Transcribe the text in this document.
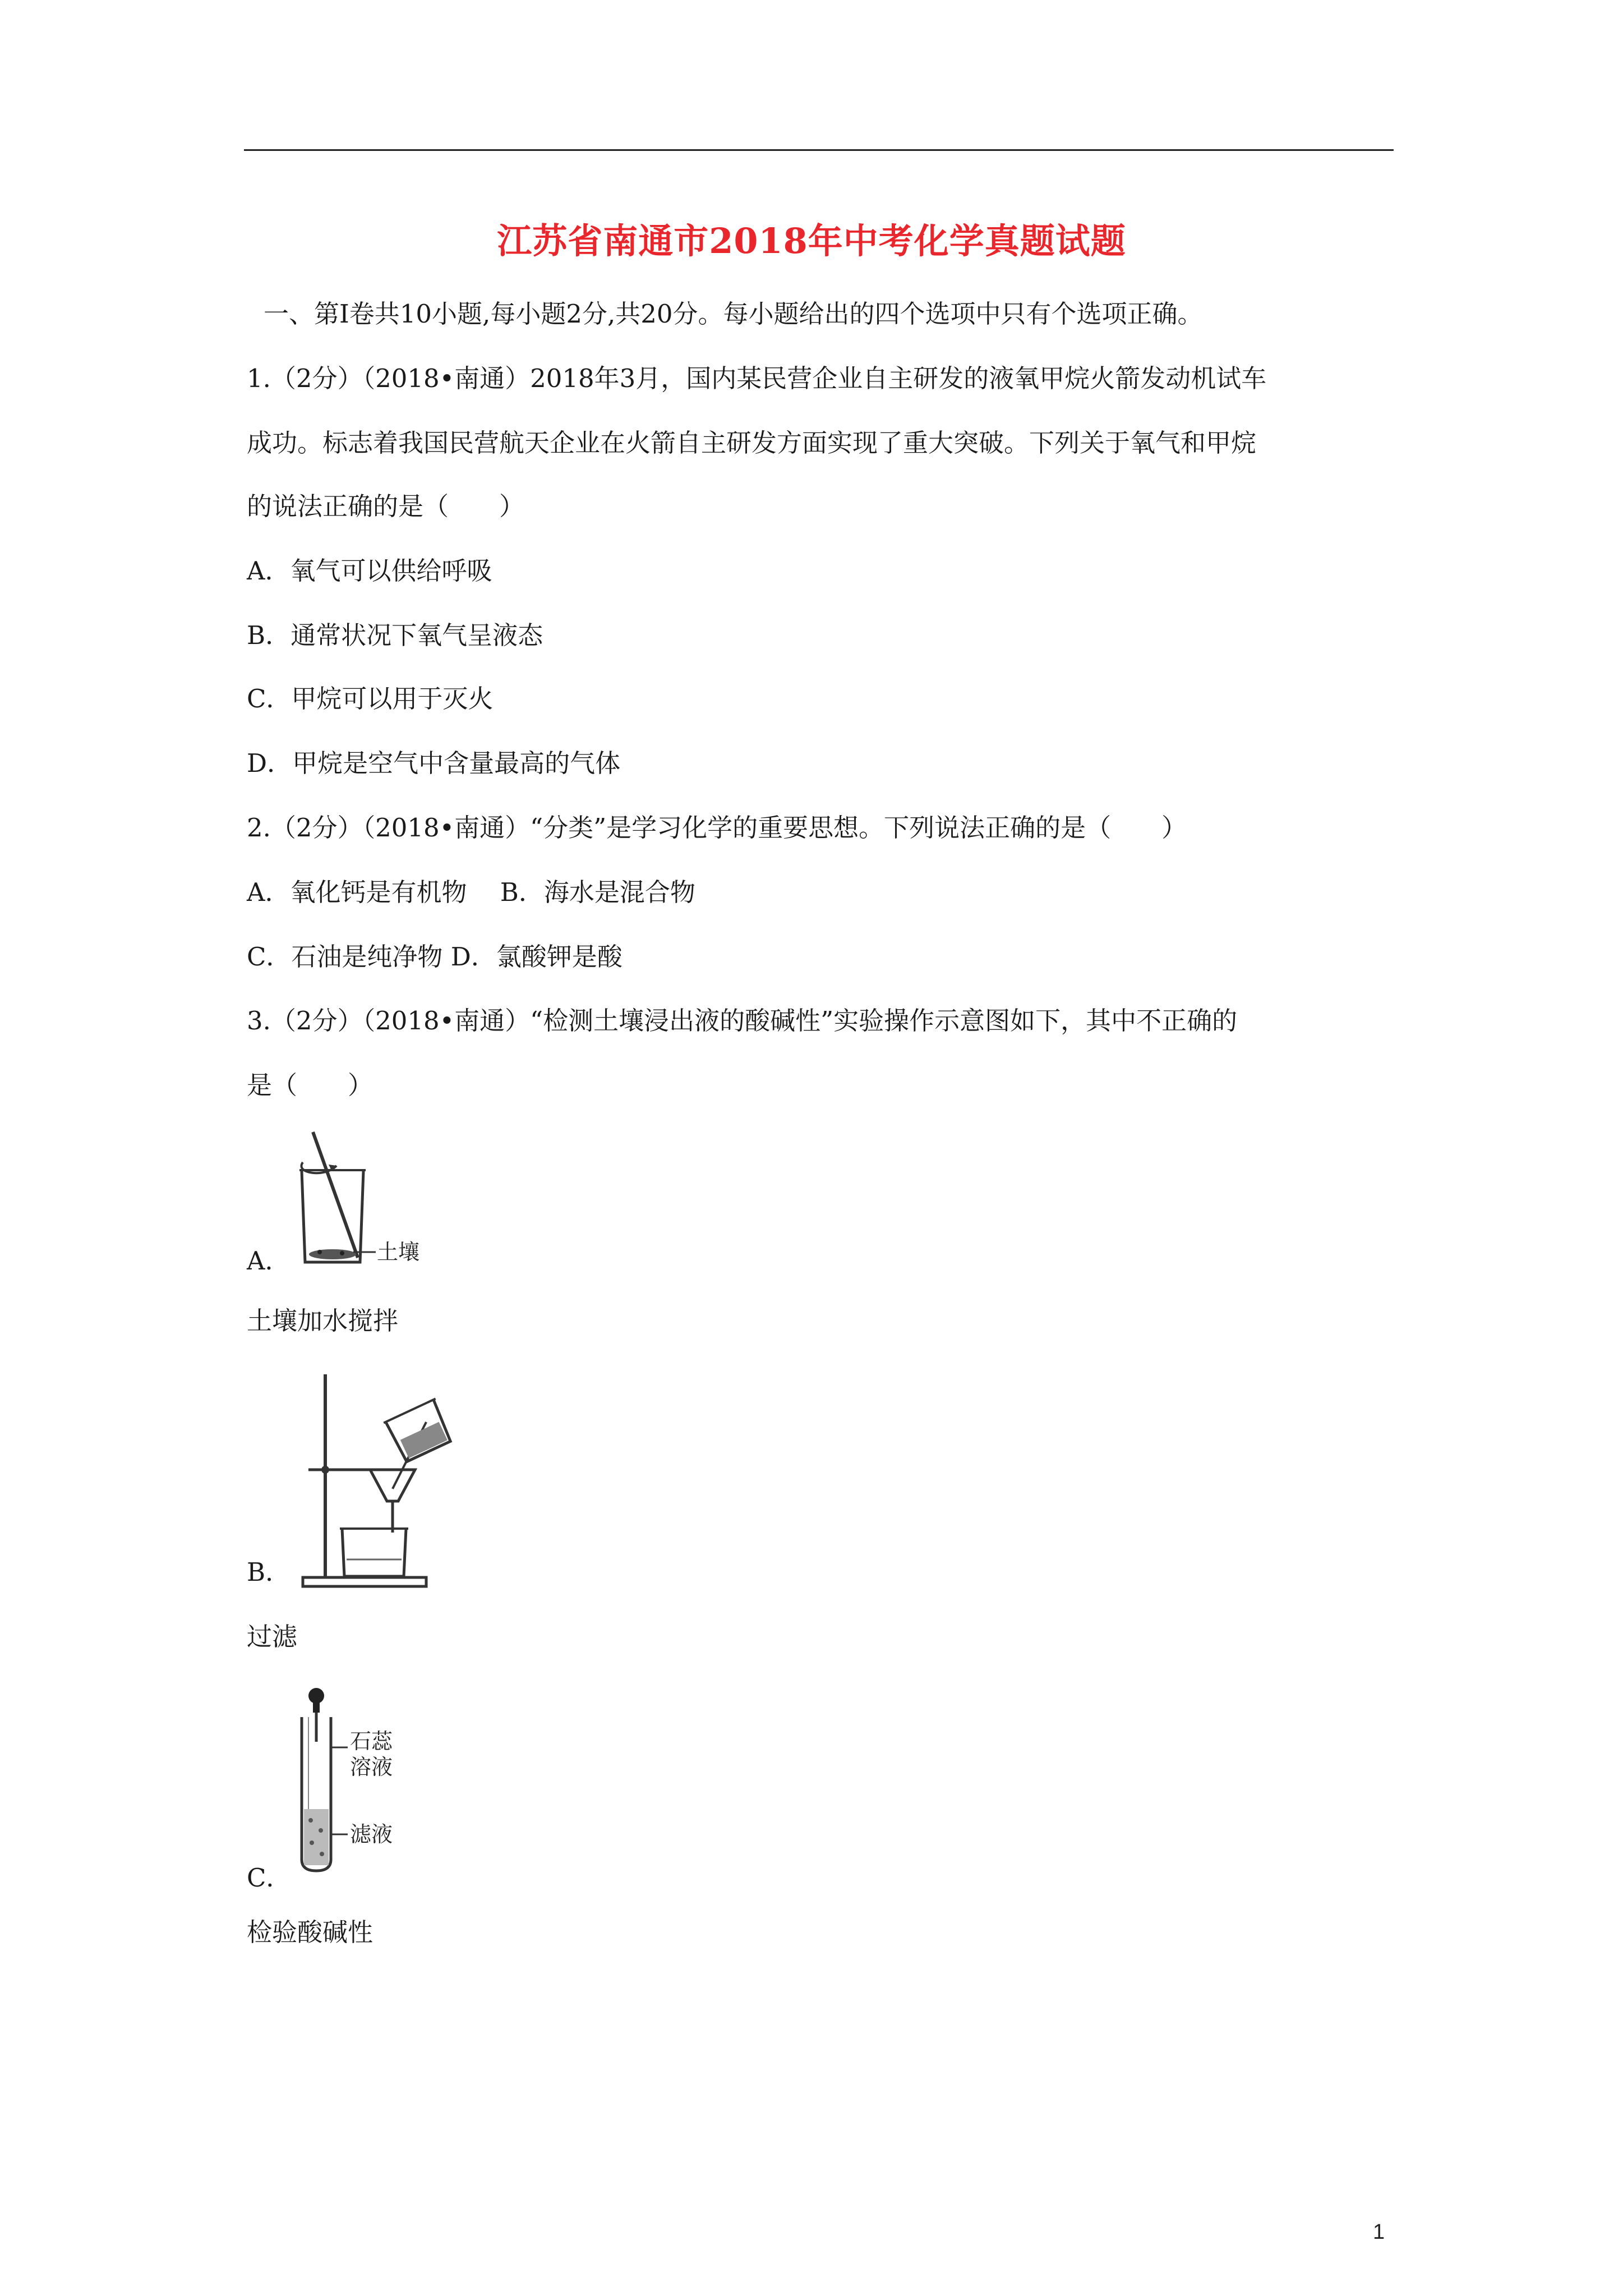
江苏省南通市2018年中考化学真题试题
一、第Ⅰ卷共10小题,每小题2分,共20分。每小题给出的四个选项中只有个选项正确。
1.（2分）（2018•南通）2018年3月，国内某民营企业自主研发的液氧甲烷火箭发动机试车
成功。标志着我国民营航天企业在火箭自主研发方面实现了重大突破。下列关于氧气和甲烷
的说法正确的是（　　）
A．氧气可以供给呼吸
B．通常状况下氧气呈液态
C．甲烷可以用于灭火
D．甲烷是空气中含量最高的气体
2.（2分）（2018•南通）“分类”是学习化学的重要思想。下列说法正确的是（　　）
A．氧化钙是有机物　 B．海水是混合物
C．石油是纯净物 D．氯酸钾是酸
3.（2分）（2018•南通）“检测土壤浸出液的酸碱性”实验操作示意图如下，其中不正确的
是（　　）
土壤
A．
土壤加水搅拌
B．
过滤
石蕊
溶液
滤液
C．
检验酸碱性
1
